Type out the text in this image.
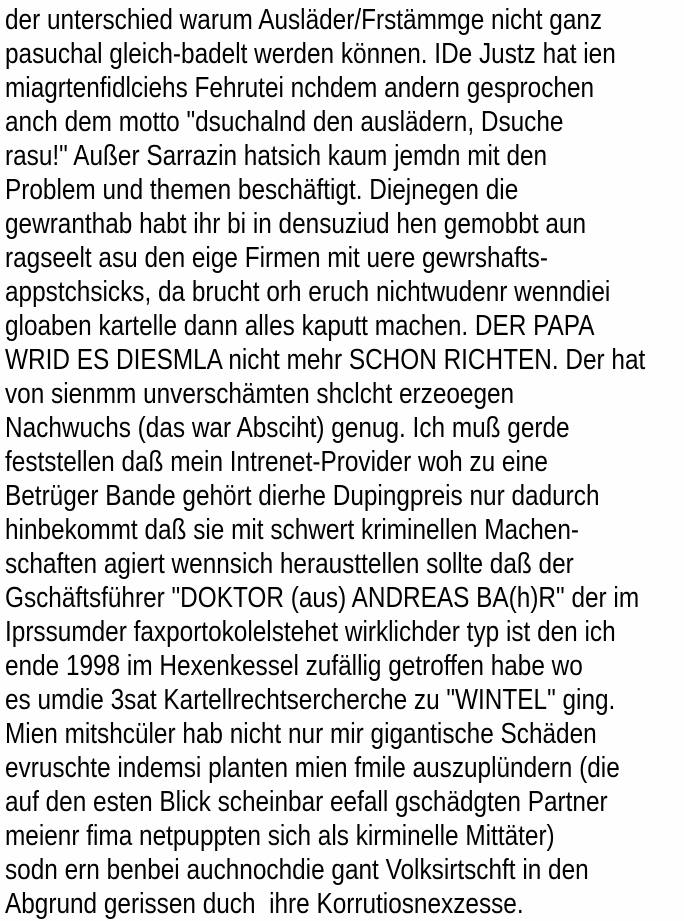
der unterschied warum Ausläder/Frstämmge nicht ganz
pasuchal gleich-badelt werden können. IDe Justz hat ien
miagrtenfidlciehs Fehrutei nchdem andern gesprochen
anch dem motto "dsuchalnd den auslädern, Dsuche
rasu!" Außer Sarrazin hatsich kaum jemdn mit den
Problem und themen beschäftigt. Diejnegen die
gewranthab habt ihr bi in densuziud hen gemobbt aun
ragseelt asu den eige Firmen mit uere gewrshafts-
appstchsicks, da brucht orh eruch nichtwudenr wenndiei
gloaben kartelle dann alles kaputt machen. DER PAPA
WRID ES DIESMLA nicht mehr SCHON RICHTEN. Der hat
von sienmm unverschämten shclcht erzeoegen
Nachwuchs (das war Absciht) genug. Ich muß gerde
feststellen daß mein Intrenet-Provider woh zu eine
Betrüger Bande gehört dierhe Dupingpreis nur dadurch
hinbekommt daß sie mit schwert kriminellen Machen-
schaften agiert wennsich herausttellen sollte daß der
Gschäftsführer "DOKTOR (aus) ANDREAS BA(h)R" der im
Iprssumder faxportokolelstehet wirklichder typ ist den ich
ende 1998 im Hexenkessel zufällig getroffen habe wo
es umdie 3sat Kartellrechtsercherche zu "WINTEL" ging.
Mien mitshcüler hab nicht nur mir gigantische Schäden
evruschte indemsi planten mien fmile auszuplündern (die
auf den esten Blick scheinbar eefall gschädgten Partner
meienr fima netpuppten sich als kirminelle Mittäter)
sodn ern benbei auchnochdie gant Volksirtschft in den
Abgrund gerissen duch  ihre Korrutiosnexzesse.
